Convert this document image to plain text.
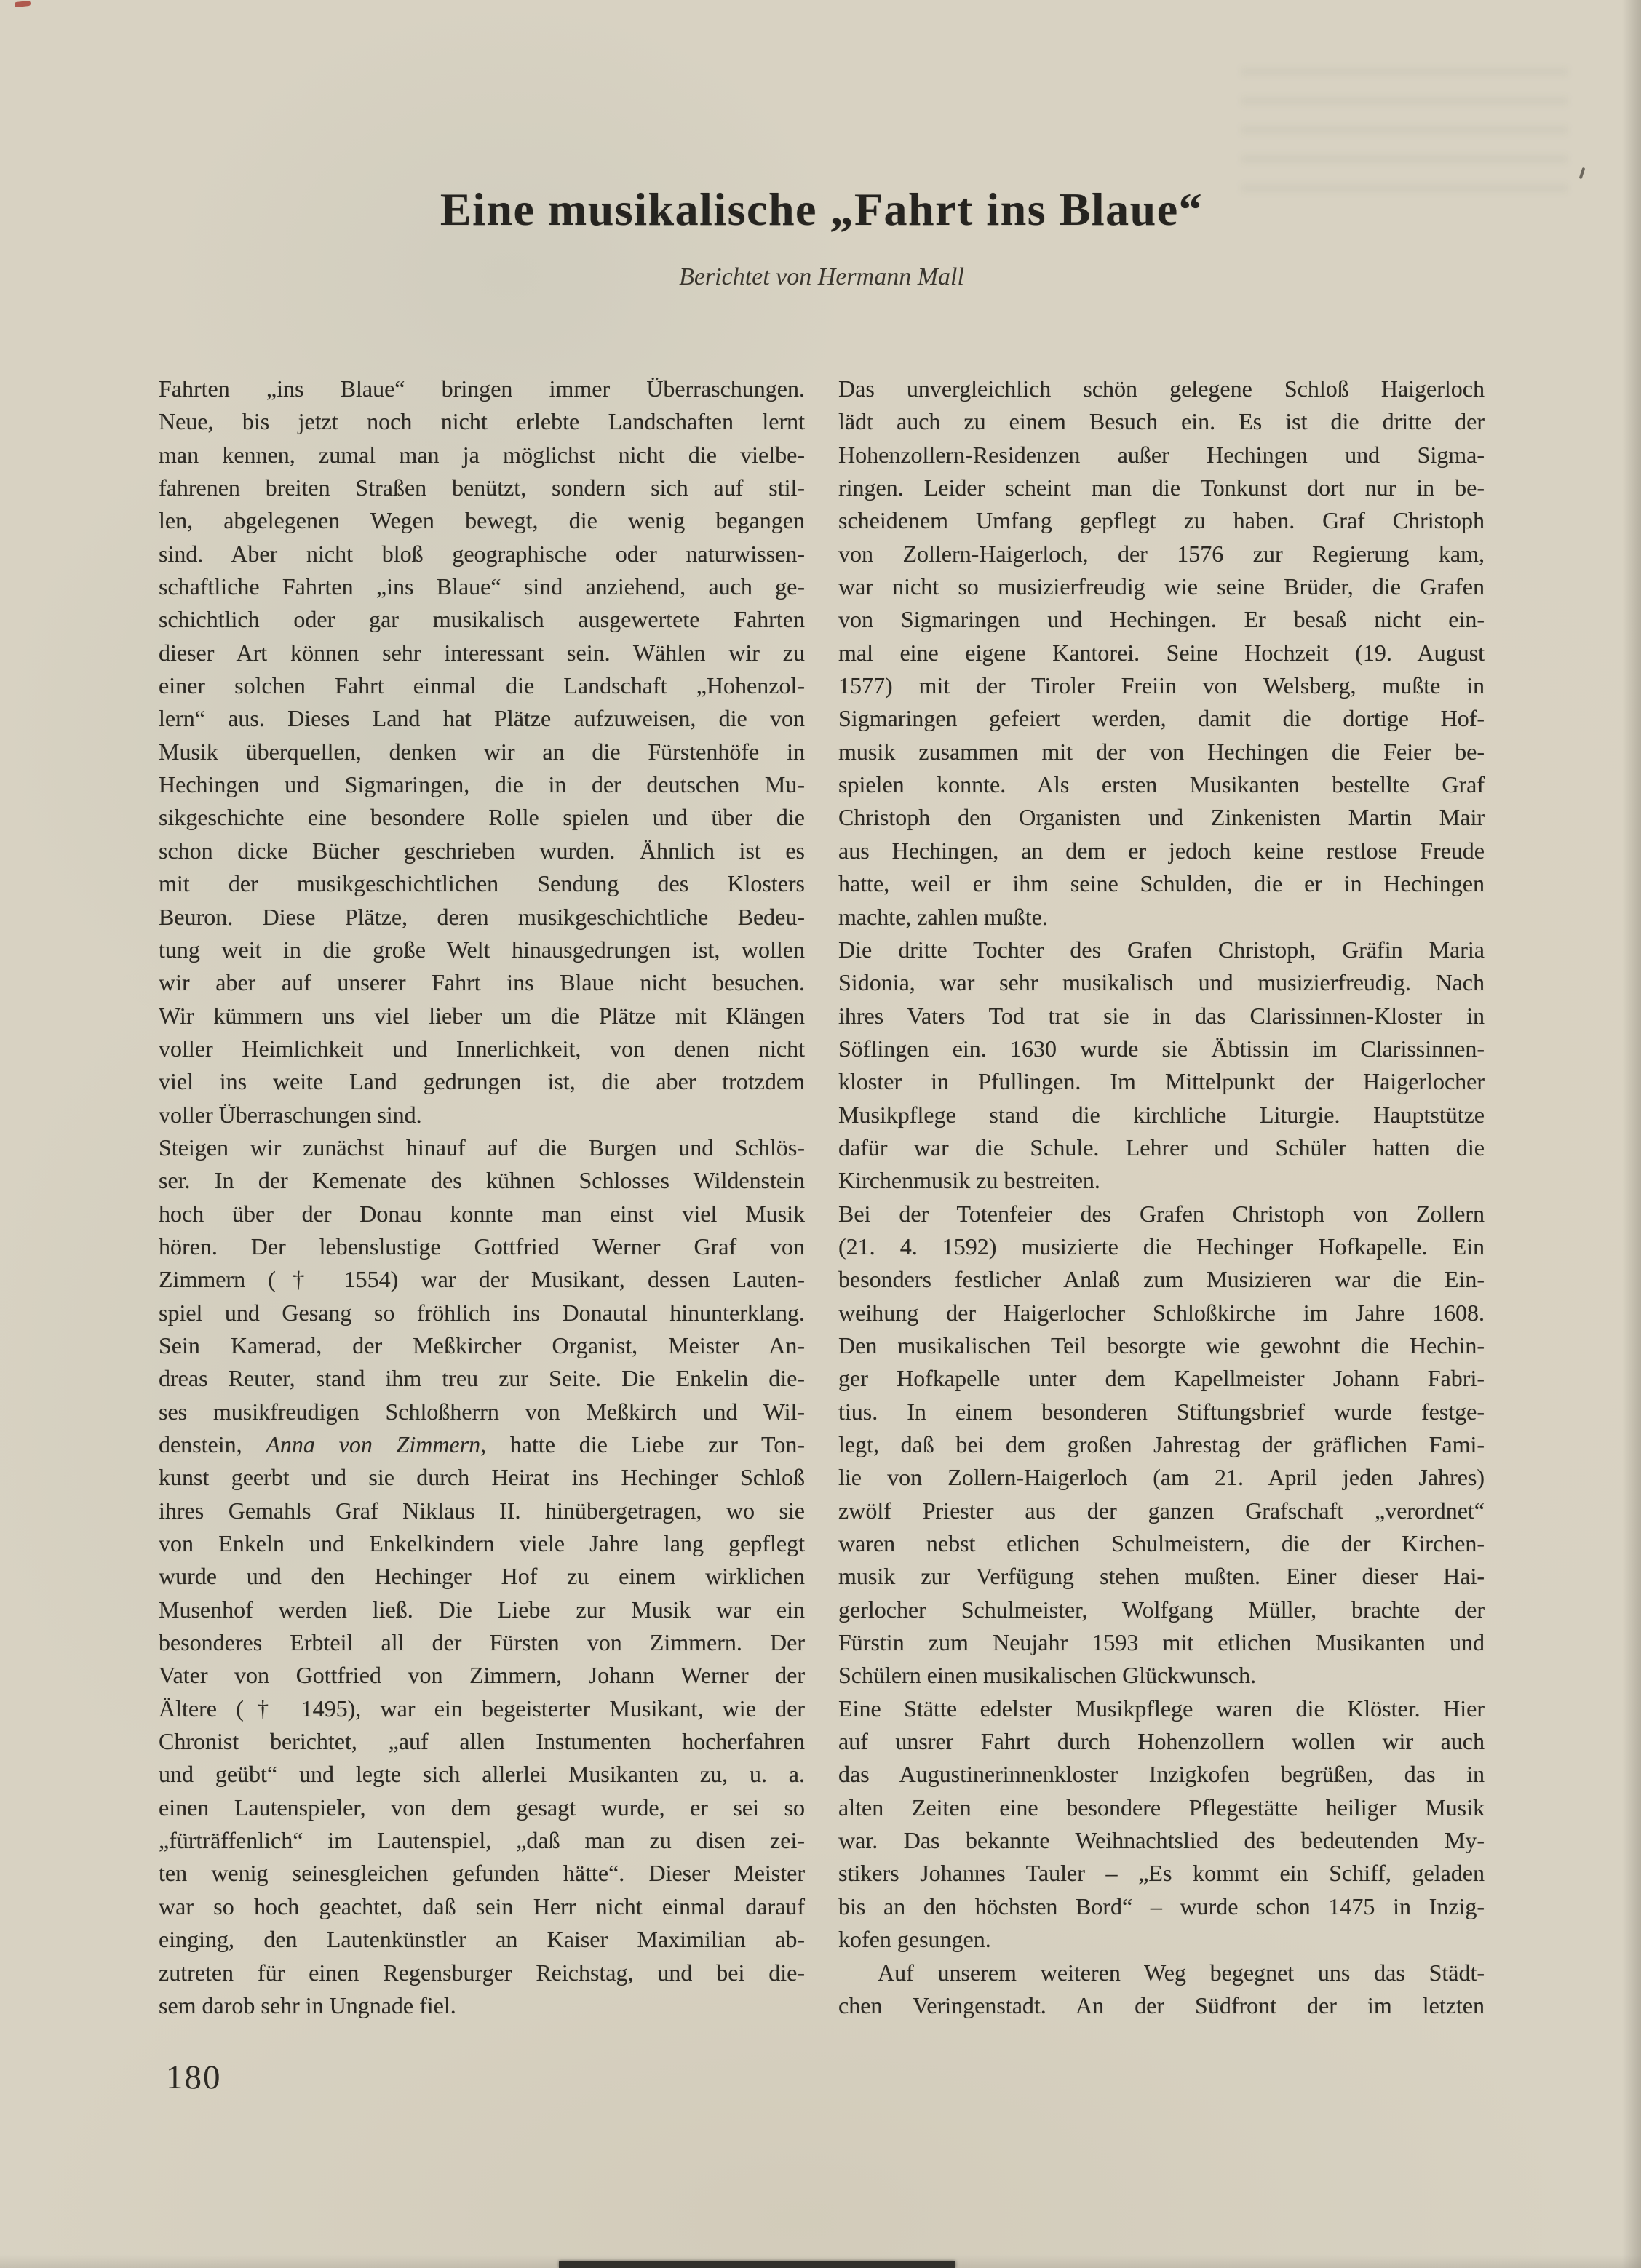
Eine musikalische „Fahrt ins Blaue“
Berichtet von Hermann Mall
Fahrten „ins Blaue“ bringen immer Überraschungen.
Neue, bis jetzt noch nicht erlebte Landschaften lernt
man kennen, zumal man ja möglichst nicht die vielbe-
fahrenen breiten Straßen benützt, sondern sich auf stil-
len, abgelegenen Wegen bewegt, die wenig begangen
sind. Aber nicht bloß geographische oder naturwissen-
schaftliche Fahrten „ins Blaue“ sind anziehend, auch ge-
schichtlich oder gar musikalisch ausgewertete Fahrten
dieser Art können sehr interessant sein. Wählen wir zu
einer solchen Fahrt einmal die Landschaft „Hohenzol-
lern“ aus. Dieses Land hat Plätze aufzuweisen, die von
Musik überquellen, denken wir an die Fürstenhöfe in
Hechingen und Sigmaringen, die in der deutschen Mu-
sikgeschichte eine besondere Rolle spielen und über die
schon dicke Bücher geschrieben wurden. Ähnlich ist es
mit der musikgeschichtlichen Sendung des Klosters
Beuron. Diese Plätze, deren musikgeschichtliche Bedeu-
tung weit in die große Welt hinausgedrungen ist, wollen
wir aber auf unserer Fahrt ins Blaue nicht besuchen.
Wir kümmern uns viel lieber um die Plätze mit Klängen
voller Heimlichkeit und Innerlichkeit, von denen nicht
viel ins weite Land gedrungen ist, die aber trotzdem
voller Überraschungen sind.
Steigen wir zunächst hinauf auf die Burgen und Schlös-
ser. In der Kemenate des kühnen Schlosses Wildenstein
hoch über der Donau konnte man einst viel Musik
hören. Der lebenslustige Gottfried Werner Graf von
Zimmern († 1554) war der Musikant, dessen Lauten-
spiel und Gesang so fröhlich ins Donautal hinunterklang.
Sein Kamerad, der Meßkircher Organist, Meister An-
dreas Reuter, stand ihm treu zur Seite. Die Enkelin die-
ses musikfreudigen Schloßherrn von Meßkirch und Wil-
denstein, Anna von Zimmern, hatte die Liebe zur Ton-
kunst geerbt und sie durch Heirat ins Hechinger Schloß
ihres Gemahls Graf Niklaus II. hinübergetragen, wo sie
von Enkeln und Enkelkindern viele Jahre lang gepflegt
wurde und den Hechinger Hof zu einem wirklichen
Musenhof werden ließ. Die Liebe zur Musik war ein
besonderes Erbteil all der Fürsten von Zimmern. Der
Vater von Gottfried von Zimmern, Johann Werner der
Ältere († 1495), war ein begeisterter Musikant, wie der
Chronist berichtet, „auf allen Instumenten hocherfahren
und geübt“ und legte sich allerlei Musikanten zu, u. a.
einen Lautenspieler, von dem gesagt wurde, er sei so
„fürträffenlich“ im Lautenspiel, „daß man zu disen zei-
ten wenig seinesgleichen gefunden hätte“. Dieser Meister
war so hoch geachtet, daß sein Herr nicht einmal darauf
einging, den Lautenkünstler an Kaiser Maximilian ab-
zutreten für einen Regensburger Reichstag, und bei die-
sem darob sehr in Ungnade fiel.
Das unvergleichlich schön gelegene Schloß Haigerloch
lädt auch zu einem Besuch ein. Es ist die dritte der
Hohenzollern-Residenzen außer Hechingen und Sigma-
ringen. Leider scheint man die Tonkunst dort nur in be-
scheidenem Umfang gepflegt zu haben. Graf Christoph
von Zollern-Haigerloch, der 1576 zur Regierung kam,
war nicht so musizierfreudig wie seine Brüder, die Grafen
von Sigmaringen und Hechingen. Er besaß nicht ein-
mal eine eigene Kantorei. Seine Hochzeit (19. August
1577) mit der Tiroler Freiin von Welsberg, mußte in
Sigmaringen gefeiert werden, damit die dortige Hof-
musik zusammen mit der von Hechingen die Feier be-
spielen konnte. Als ersten Musikanten bestellte Graf
Christoph den Organisten und Zinkenisten Martin Mair
aus Hechingen, an dem er jedoch keine restlose Freude
hatte, weil er ihm seine Schulden, die er in Hechingen
machte, zahlen mußte.
Die dritte Tochter des Grafen Christoph, Gräfin Maria
Sidonia, war sehr musikalisch und musizierfreudig. Nach
ihres Vaters Tod trat sie in das Clarissinnen-Kloster in
Söflingen ein. 1630 wurde sie Äbtissin im Clarissinnen-
kloster in Pfullingen. Im Mittelpunkt der Haigerlocher
Musikpflege stand die kirchliche Liturgie. Hauptstütze
dafür war die Schule. Lehrer und Schüler hatten die
Kirchenmusik zu bestreiten.
Bei der Totenfeier des Grafen Christoph von Zollern
(21. 4. 1592) musizierte die Hechinger Hofkapelle. Ein
besonders festlicher Anlaß zum Musizieren war die Ein-
weihung der Haigerlocher Schloßkirche im Jahre 1608.
Den musikalischen Teil besorgte wie gewohnt die Hechin-
ger Hofkapelle unter dem Kapellmeister Johann Fabri-
tius. In einem besonderen Stiftungsbrief wurde festge-
legt, daß bei dem großen Jahrestag der gräflichen Fami-
lie von Zollern-Haigerloch (am 21. April jeden Jahres)
zwölf Priester aus der ganzen Grafschaft „verordnet“
waren nebst etlichen Schulmeistern, die der Kirchen-
musik zur Verfügung stehen mußten. Einer dieser Hai-
gerlocher Schulmeister, Wolfgang Müller, brachte der
Fürstin zum Neujahr 1593 mit etlichen Musikanten und
Schülern einen musikalischen Glückwunsch.
Eine Stätte edelster Musikpflege waren die Klöster. Hier
auf unsrer Fahrt durch Hohenzollern wollen wir auch
das Augustinerinnenkloster Inzigkofen begrüßen, das in
alten Zeiten eine besondere Pflegestätte heiliger Musik
war. Das bekannte Weihnachtslied des bedeutenden My-
stikers Johannes Tauler – „Es kommt ein Schiff, geladen
bis an den höchsten Bord“ – wurde schon 1475 in Inzig-
kofen gesungen.
Auf unserem weiteren Weg begegnet uns das Städt-
chen Veringenstadt. An der Südfront der im letzten
180
